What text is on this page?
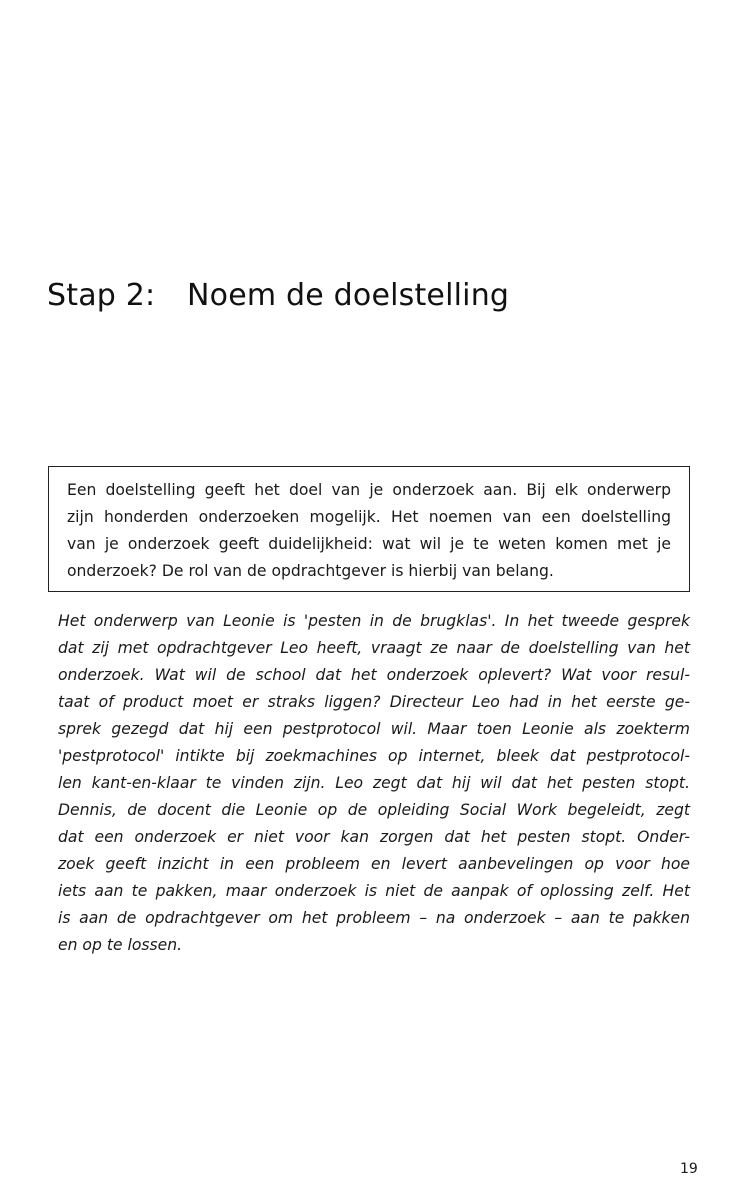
Stap 2: Noem de doelstelling
Een doelstelling geeft het doel van je onderzoek aan. Bij elk onderwerp
zijn honderden onderzoeken mogelijk. Het noemen van een doelstelling
van je onderzoek geeft duidelijkheid: wat wil je te weten komen met je
onderzoek? De rol van de opdrachtgever is hierbij van belang.
Het onderwerp van Leonie is 'pesten in de brugklas'. In het tweede gesprek
dat zij met opdrachtgever Leo heeft, vraagt ze naar de doelstelling van het
onderzoek. Wat wil de school dat het onderzoek oplevert? Wat voor resul-
taat of product moet er straks liggen? Directeur Leo had in het eerste ge-
sprek gezegd dat hij een pestprotocol wil. Maar toen Leonie als zoekterm
'pestprotocol' intikte bij zoekmachines op internet, bleek dat pestprotocol-
len kant-en-klaar te vinden zijn. Leo zegt dat hij wil dat het pesten stopt.
Dennis, de docent die Leonie op de opleiding Social Work begeleidt, zegt
dat een onderzoek er niet voor kan zorgen dat het pesten stopt. Onder-
zoek geeft inzicht in een probleem en levert aanbevelingen op voor hoe
iets aan te pakken, maar onderzoek is niet de aanpak of oplossing zelf. Het
is aan de opdrachtgever om het probleem – na onderzoek – aan te pakken
en op te lossen.
19
